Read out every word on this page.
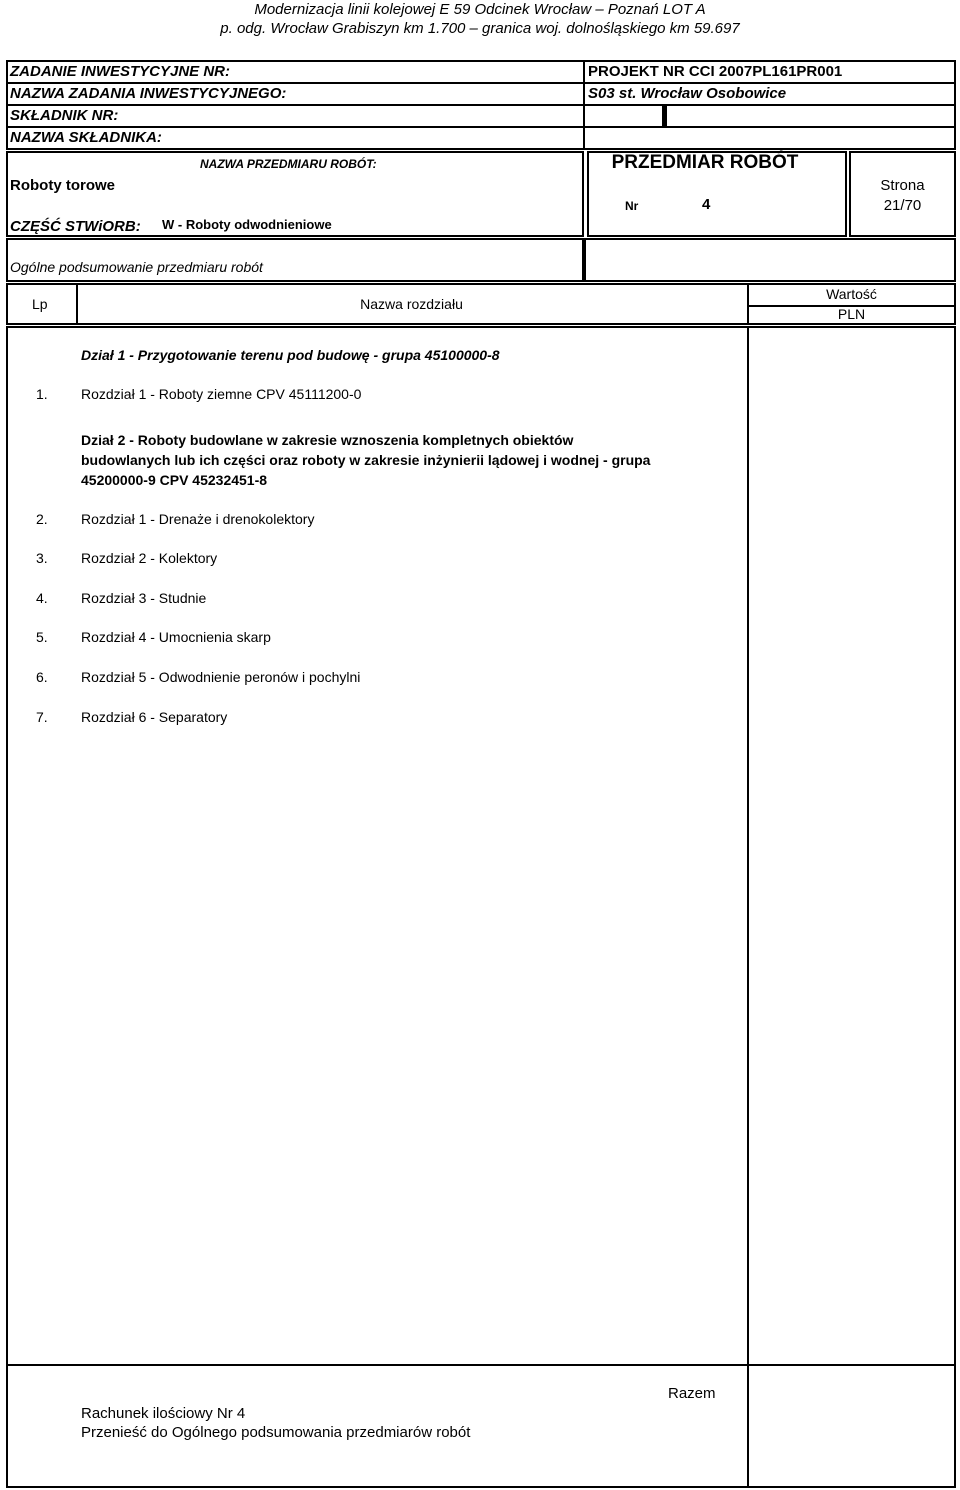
Modernizacja linii kolejowej E 59 Odcinek Wrocław – Poznań LOT A
p. odg. Wrocław Grabiszyn km 1.700 – granica woj. dolnośląskiego km 59.697
ZADANIE INWESTYCYJNE NR:
NAZWA ZADANIA INWESTYCYJNEGO:
SKŁADNIK NR:
NAZWA SKŁADNIKA:
PROJEKT NR CCI 2007PL161PR001
S03 st. Wrocław Osobowice
NAZWA PRZEDMIARU ROBÓT:
Roboty torowe
CZĘŚĆ STWiORB: W - Roboty odwodnieniowe
PRZEDMIAR ROBÓT
Nr	4
Strona
21/70
Ogólne podsumowanie przedmiaru robót
Lp	Nazwa rozdziału
Wartość
PLN
Dział 1 - Przygotowanie terenu pod budowę - grupa 45100000-8
1. Rozdział 1 - Roboty ziemne CPV 45111200-0
Dział 2 - Roboty budowlane w zakresie wznoszenia kompletnych obiektów
budowlanych lub ich części oraz roboty w zakresie inżynierii lądowej i wodnej - grupa
45200000-9 CPV 45232451-8
2. Rozdział 1 - Drenaże i drenokolektory
3. Rozdział 2 - Kolektory
4. Rozdział 3 - Studnie
5. Rozdział 4 - Umocnienia skarp
6. Rozdział 5 - Odwodnienie peronów i pochylni
7. Rozdział 6 - Separatory
Razem
Rachunek ilościowy Nr 4
Przenieść do Ogólnego podsumowania przedmiarów robót
